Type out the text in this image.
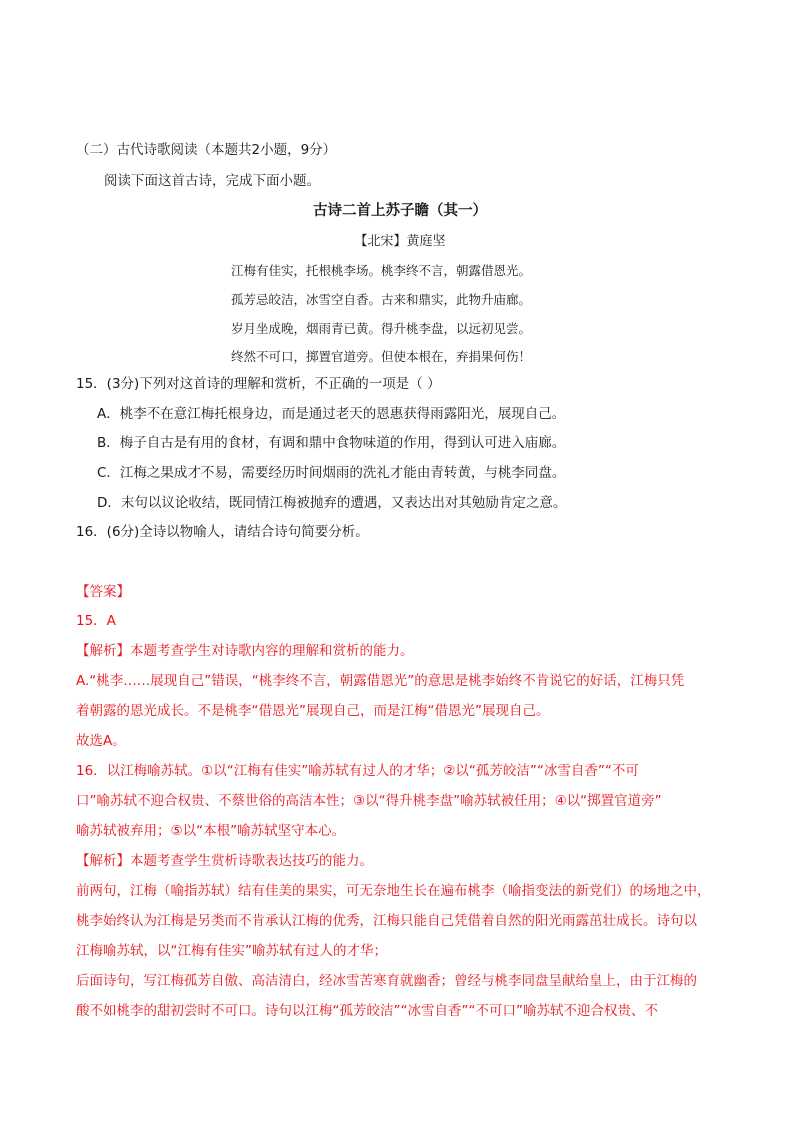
（二）古代诗歌阅读（本题共2小题，9分）
阅读下面这首古诗，完成下面小题。
古诗二首上苏子瞻（其一）
【北宋】黄庭坚
江梅有佳实，托根桃李场。桃李终不言，朝露借恩光。
孤芳忌皎洁，冰雪空自香。古来和鼎实，此物升庙廊。
岁月坐成晚，烟雨青已黄。得升桃李盘，以远初见尝。
终然不可口，掷置官道旁。但使本根在，弃捐果何伤！
15．(3分)下列对这首诗的理解和赏析，不正确的一项是（ ）
A．桃李不在意江梅托根身边，而是通过老天的恩惠获得雨露阳光，展现自己。
B．梅子自古是有用的食材，有调和鼎中食物味道的作用，得到认可进入庙廊。
C．江梅之果成才不易，需要经历时间烟雨的洗礼才能由青转黄，与桃李同盘。
D．末句以议论收结，既同情江梅被抛弃的遭遇，又表达出对其勉励肯定之意。
16．(6分)全诗以物喻人，请结合诗句简要分析。
【答案】
15．A
【解析】本题考查学生对诗歌内容的理解和赏析的能力。
A.“桃李……展现自己”错误，“桃李终不言，朝露借恩光”的意思是桃李始终不肯说它的好话，江梅只凭
着朝露的恩光成长。不是桃李“借恩光”展现自己，而是江梅“借恩光”展现自己。
故选A。
16．以江梅喻苏轼。①以“江梅有佳实”喻苏轼有过人的才华；②以“孤芳皎洁”“冰雪自香”“不可
口”喻苏轼不迎合权贵、不蔡世俗的高洁本性；③以“得升桃李盘”喻苏轼被任用；④以“掷置官道旁”
喻苏轼被弃用；⑤以“本根”喻苏轼坚守本心。
【解析】本题考查学生赏析诗歌表达技巧的能力。
前两句，江梅（喻指苏轼）结有佳美的果实，可无奈地生长在遍布桃李（喻指变法的新党们）的场地之中，
桃李始终认为江梅是另类而不肯承认江梅的优秀，江梅只能自己凭借着自然的阳光雨露茁壮成长。诗句以
江梅喻苏轼，以“江梅有佳实”喻苏轼有过人的才华；
后面诗句，写江梅孤芳自傲、高洁清白，经冰雪苦寒育就幽香；曾经与桃李同盘呈献给皇上，由于江梅的
酸不如桃李的甜初尝时不可口。诗句以江梅“孤芳皎洁”“冰雪自香”“不可口”喻苏轼不迎合权贵、不
